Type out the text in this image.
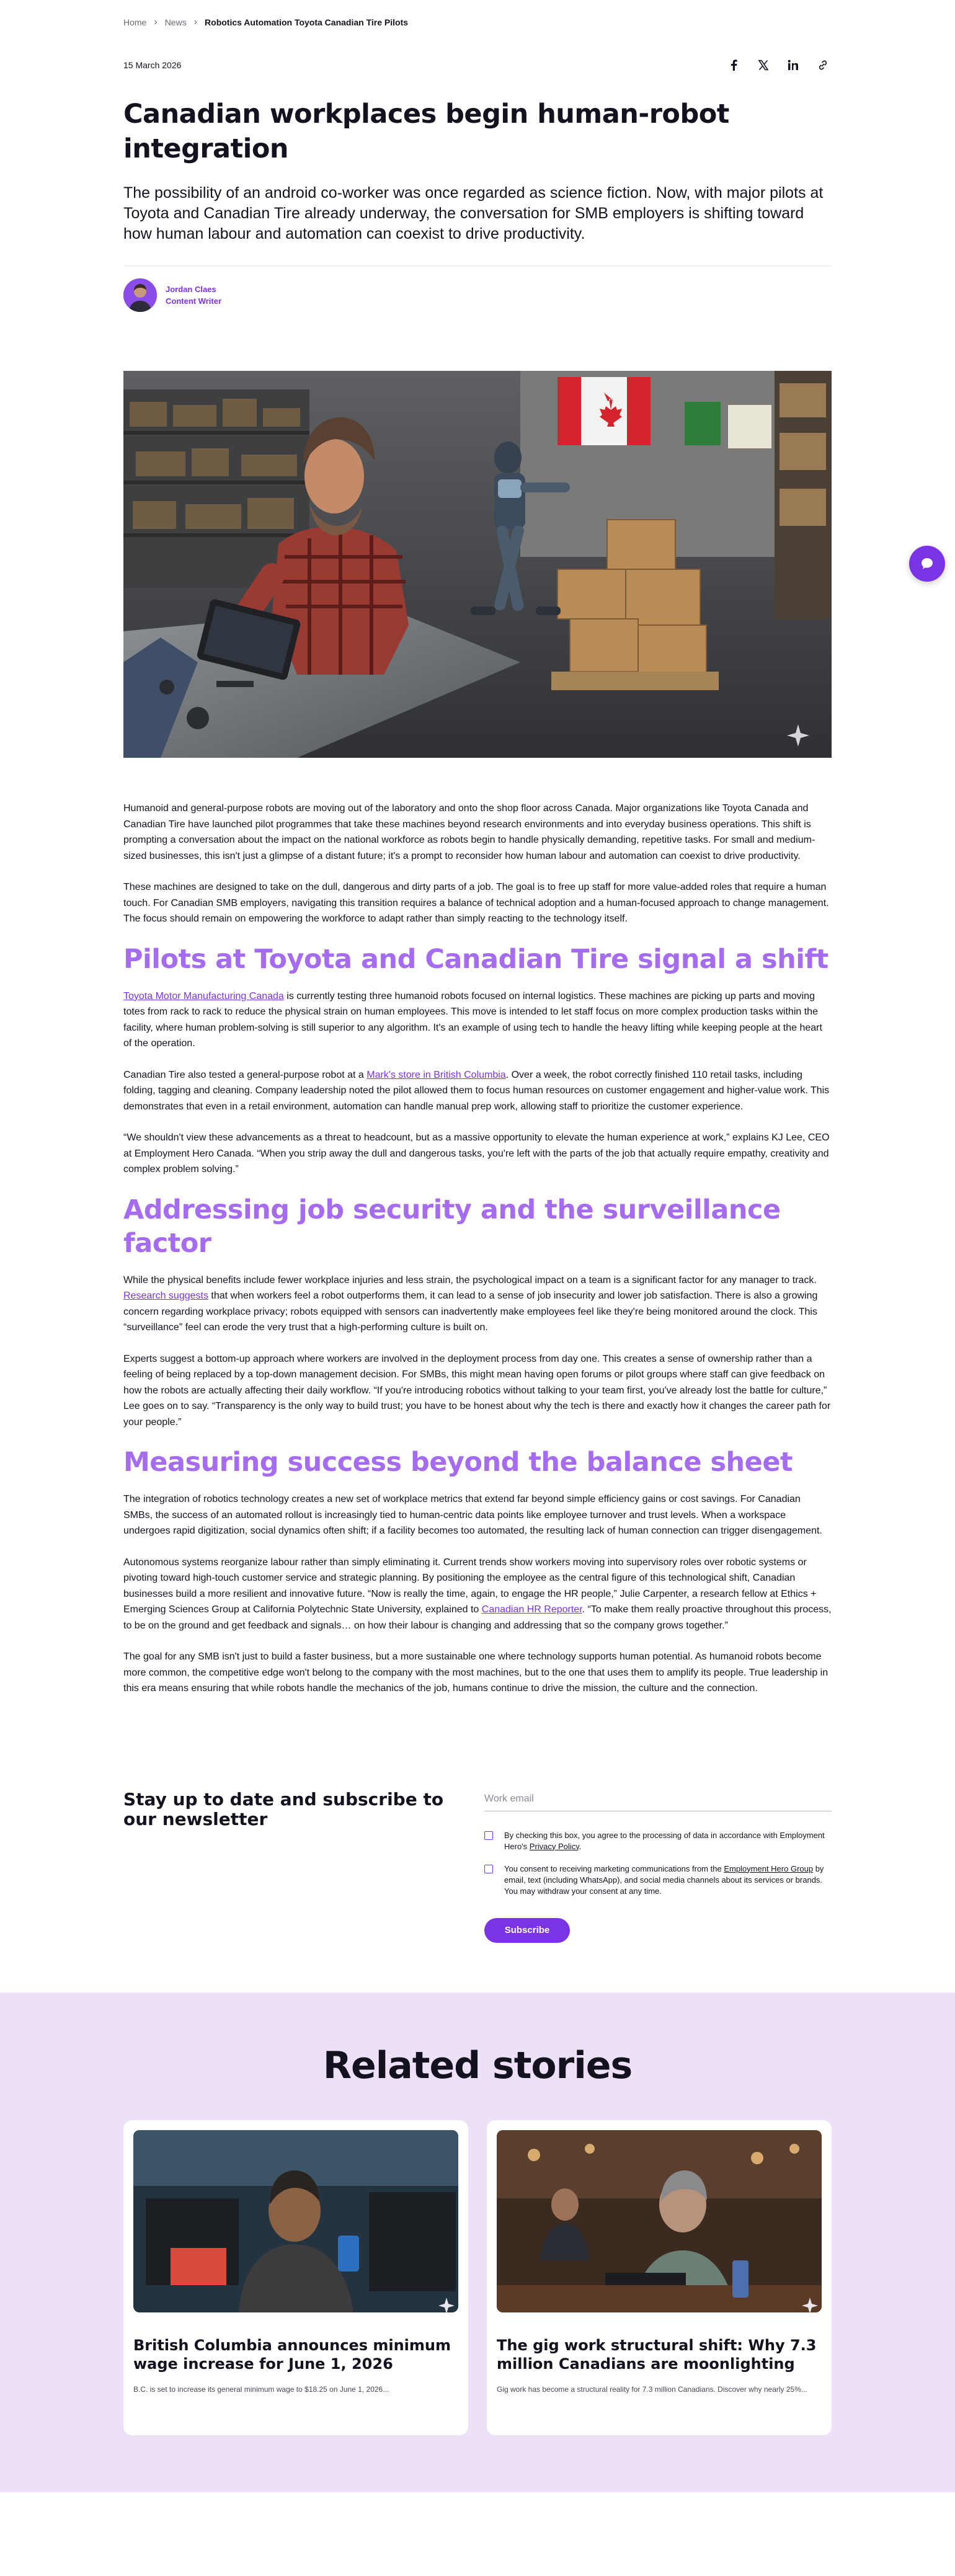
Home › News › Robotics Automation Toyota Canadian Tire Pilots
15 March 2026
Canadian workplaces begin human-robot integration

The possibility of an android co-worker was once regarded as science fiction. Now, with major pilots at Toyota and Canadian Tire already underway, the conversation for SMB employers is shifting toward how human labour and automation can coexist to drive productivity.

Jordan Claes
Content Writer

Humanoid and general-purpose robots are moving out of the laboratory and onto the shop floor across Canada. Major organizations like Toyota Canada and Canadian Tire have launched pilot programmes that take these machines beyond research environments and into everyday business operations. This shift is prompting a conversation about the impact on the national workforce as robots begin to handle physically demanding, repetitive tasks. For small and medium-sized businesses, this isn't just a glimpse of a distant future; it's a prompt to reconsider how human labour and automation can coexist to drive productivity.

These machines are designed to take on the dull, dangerous and dirty parts of a job. The goal is to free up staff for more value-added roles that require a human touch. For Canadian SMB employers, navigating this transition requires a balance of technical adoption and a human-focused approach to change management. The focus should remain on empowering the workforce to adapt rather than simply reacting to the technology itself.

Pilots at Toyota and Canadian Tire signal a shift

Toyota Motor Manufacturing Canada is currently testing three humanoid robots focused on internal logistics. These machines are picking up parts and moving totes from rack to rack to reduce the physical strain on human employees. This move is intended to let staff focus on more complex production tasks within the facility, where human problem-solving is still superior to any algorithm. It's an example of using tech to handle the heavy lifting while keeping people at the heart of the operation.

Canadian Tire also tested a general-purpose robot at a Mark's store in British Columbia. Over a week, the robot correctly finished 110 retail tasks, including folding, tagging and cleaning. Company leadership noted the pilot allowed them to focus human resources on customer engagement and higher-value work. This demonstrates that even in a retail environment, automation can handle manual prep work, allowing staff to prioritize the customer experience.

“We shouldn't view these advancements as a threat to headcount, but as a massive opportunity to elevate the human experience at work,” explains KJ Lee, CEO at Employment Hero Canada. “When you strip away the dull and dangerous tasks, you're left with the parts of the job that actually require empathy, creativity and complex problem solving.”

Addressing job security and the surveillance factor

While the physical benefits include fewer workplace injuries and less strain, the psychological impact on a team is a significant factor for any manager to track. Research suggests that when workers feel a robot outperforms them, it can lead to a sense of job insecurity and lower job satisfaction. There is also a growing concern regarding workplace privacy; robots equipped with sensors can inadvertently make employees feel like they're being monitored around the clock. This “surveillance” feel can erode the very trust that a high-performing culture is built on.

Experts suggest a bottom-up approach where workers are involved in the deployment process from day one. This creates a sense of ownership rather than a feeling of being replaced by a top-down management decision. For SMBs, this might mean having open forums or pilot groups where staff can give feedback on how the robots are actually affecting their daily workflow. “If you're introducing robotics without talking to your team first, you've already lost the battle for culture,” Lee goes on to say. “Transparency is the only way to build trust; you have to be honest about why the tech is there and exactly how it changes the career path for your people.”

Measuring success beyond the balance sheet

The integration of robotics technology creates a new set of workplace metrics that extend far beyond simple efficiency gains or cost savings. For Canadian SMBs, the success of an automated rollout is increasingly tied to human-centric data points like employee turnover and trust levels. When a workspace undergoes rapid digitization, social dynamics often shift; if a facility becomes too automated, the resulting lack of human connection can trigger disengagement.

Autonomous systems reorganize labour rather than simply eliminating it. Current trends show workers moving into supervisory roles over robotic systems or pivoting toward high-touch customer service and strategic planning. By positioning the employee as the central figure of this technological shift, Canadian businesses build a more resilient and innovative future. “Now is really the time, again, to engage the HR people,” Julie Carpenter, a research fellow at Ethics + Emerging Sciences Group at California Polytechnic State University, explained to Canadian HR Reporter. “To make them really proactive throughout this process, to be on the ground and get feedback and signals… on how their labour is changing and addressing that so the company grows together.”

The goal for any SMB isn't just to build a faster business, but a more sustainable one where technology supports human potential. As humanoid robots become more common, the competitive edge won't belong to the company with the most machines, but to the one that uses them to amplify its people. True leadership in this era means ensuring that while robots handle the mechanics of the job, humans continue to drive the mission, the culture and the connection.

Stay up to date and subscribe to our newsletter
Work email
By checking this box, you agree to the processing of data in accordance with Employment Hero's Privacy Policy.
You consent to receiving marketing communications from the Employment Hero Group by email, text (including WhatsApp), and social media channels about its services or brands. You may withdraw your consent at any time.
Subscribe
Related stories
British Columbia announces minimum wage increase for June 1, 2026

B.C. is set to increase its general minimum wage to $18.25 on June 1, 2026...

The gig work structural shift: Why 7.3 million Canadians are moonlighting

Gig work has become a structural reality for 7.3 million Canadians. Discover why nearly 25%...
